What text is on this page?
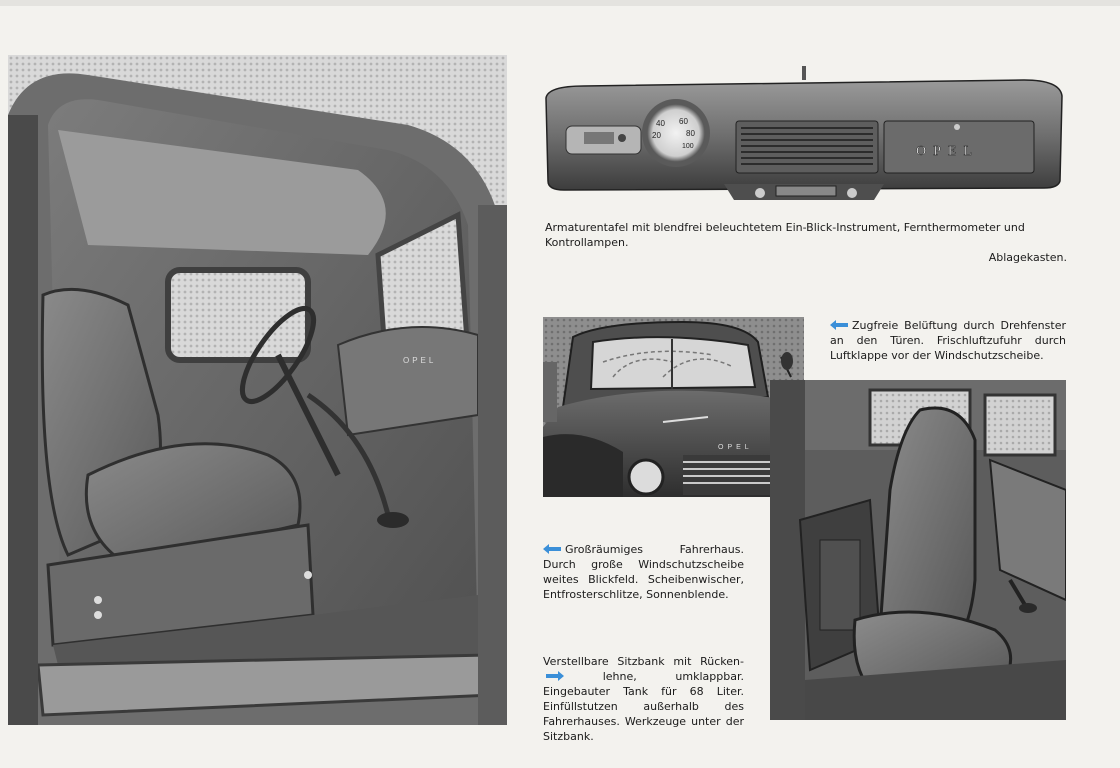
OPEL
40 60
20	80
100	OPEL
Armaturentafel mit blendfrei beleuchtetem Ein-Blick-Instrument, Fernthermometer und Kontrollampen.
Ablagekasten.
OPEL
Zugfreie Belüftung durch Drehfenster an den Türen. Frischluftzufuhr durch Luftklappe vor der Windschutzscheibe.
Großräumiges Fahrerhaus. Durch große Windschutzscheibe weites Blickfeld. Scheibenwischer, Entfrosterschlitze, Sonnenblende.
Verstellbare Sitzbank mit Rücken-
lehne, umklappbar. Eingebauter Tank für 68 Liter. Einfüllstutzen außerhalb des Fahrerhauses. Werkzeuge unter der Sitzbank.
